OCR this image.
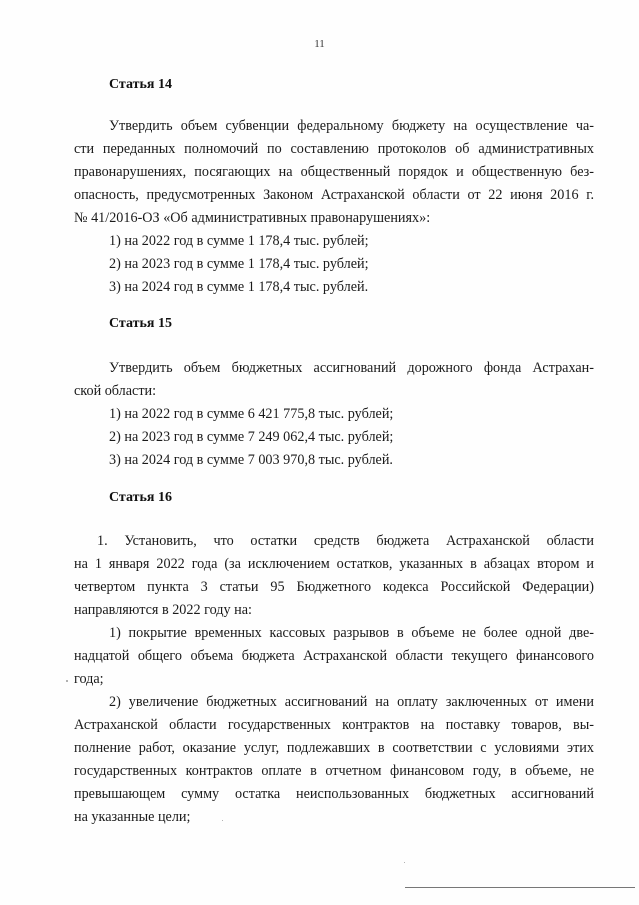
11
Статья 14
Утвердить объем субвенции федеральному бюджету на осуществление ча-
сти переданных полномочий по составлению протоколов об административных
правонарушениях, посягающих на общественный порядок и общественную без-
опасность, предусмотренных Законом Астраханской области от 22 июня 2016 г.
№ 41/2016-ОЗ «Об административных правонарушениях»:
1) на 2022 год в сумме 1 178,4 тыс. рублей;
2) на 2023 год в сумме 1 178,4 тыс. рублей;
3) на 2024 год в сумме 1 178,4 тыс. рублей.
Статья 15
Утвердить объем бюджетных ассигнований дорожного фонда Астрахан-
ской области:
1) на 2022 год в сумме 6 421 775,8 тыс. рублей;
2) на 2023 год в сумме 7 249 062,4 тыс. рублей;
3) на 2024 год в сумме 7 003 970,8 тыс. рублей.
Статья 16
1. Установить, что остатки средств бюджета Астраханской области
на 1 января 2022 года (за исключением остатков, указанных в абзацах втором и
четвертом пункта 3 статьи 95 Бюджетного кодекса Российской Федерации)
направляются в 2022 году на:
1) покрытие временных кассовых разрывов в объеме не более одной две-
надцатой общего объема бюджета Астраханской области текущего финансового
года;
2) увеличение бюджетных ассигнований на оплату заключенных от имени
Астраханской области государственных контрактов на поставку товаров, вы-
полнение работ, оказание услуг, подлежавших в соответствии с условиями этих
государственных контрактов оплате в отчетном финансовом году, в объеме, не
превышающем сумму остатка неиспользованных бюджетных ассигнований
на указанные цели;
